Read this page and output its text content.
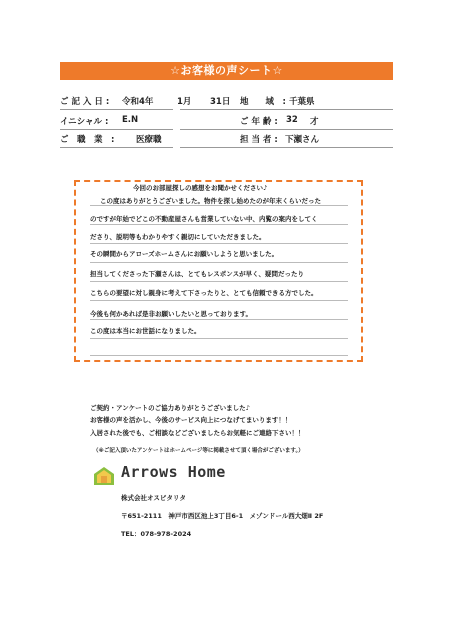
☆お客様の声シート☆
ご 記 入 日 : 令和4年	1月 31日 地　　域　: 千葉県
イニシャル : E.N	ご 年 齢 : 32 才
ご　職　業　:	医療職	担 当 者 : 下瀬さん
今回のお部屋探しの感想をお聞かせください♪
この度はありがとうございました。物件を探し始めたのが年末くらいだった
のですが年始でどこの不動産屋さんも営業していない中、内覧の案内をしてく
ださり、説明等もわかりやすく親切にしていただきました。
その瞬間からアローズホームさんにお願いしようと思いました。
担当してくださった下瀬さんは、とてもレスポンスが早く、疑問だったり
こちらの要望に対し親身に考えて下さったりと、とても信頼できる方でした。
今後も何かあれば是非お願いしたいと思っております。
この度は本当にお世話になりました。
ご契約・アンケートのご協力ありがとうございました♪
お客様の声を活かし、今後のサービス向上につなげてまいります！！
入居された後でも、ご相談などございましたらお気軽にご連絡下さい！！
（※ご記入頂いたアンケートはホームページ等に掲載させて頂く場合がございます。）
Arrows Home
株式会社オスピタリタ
〒651-2111　神戸市西区池上3丁目6-1　メゾンドール西大畑Ⅱ 2F
TEL：078-978-2024
